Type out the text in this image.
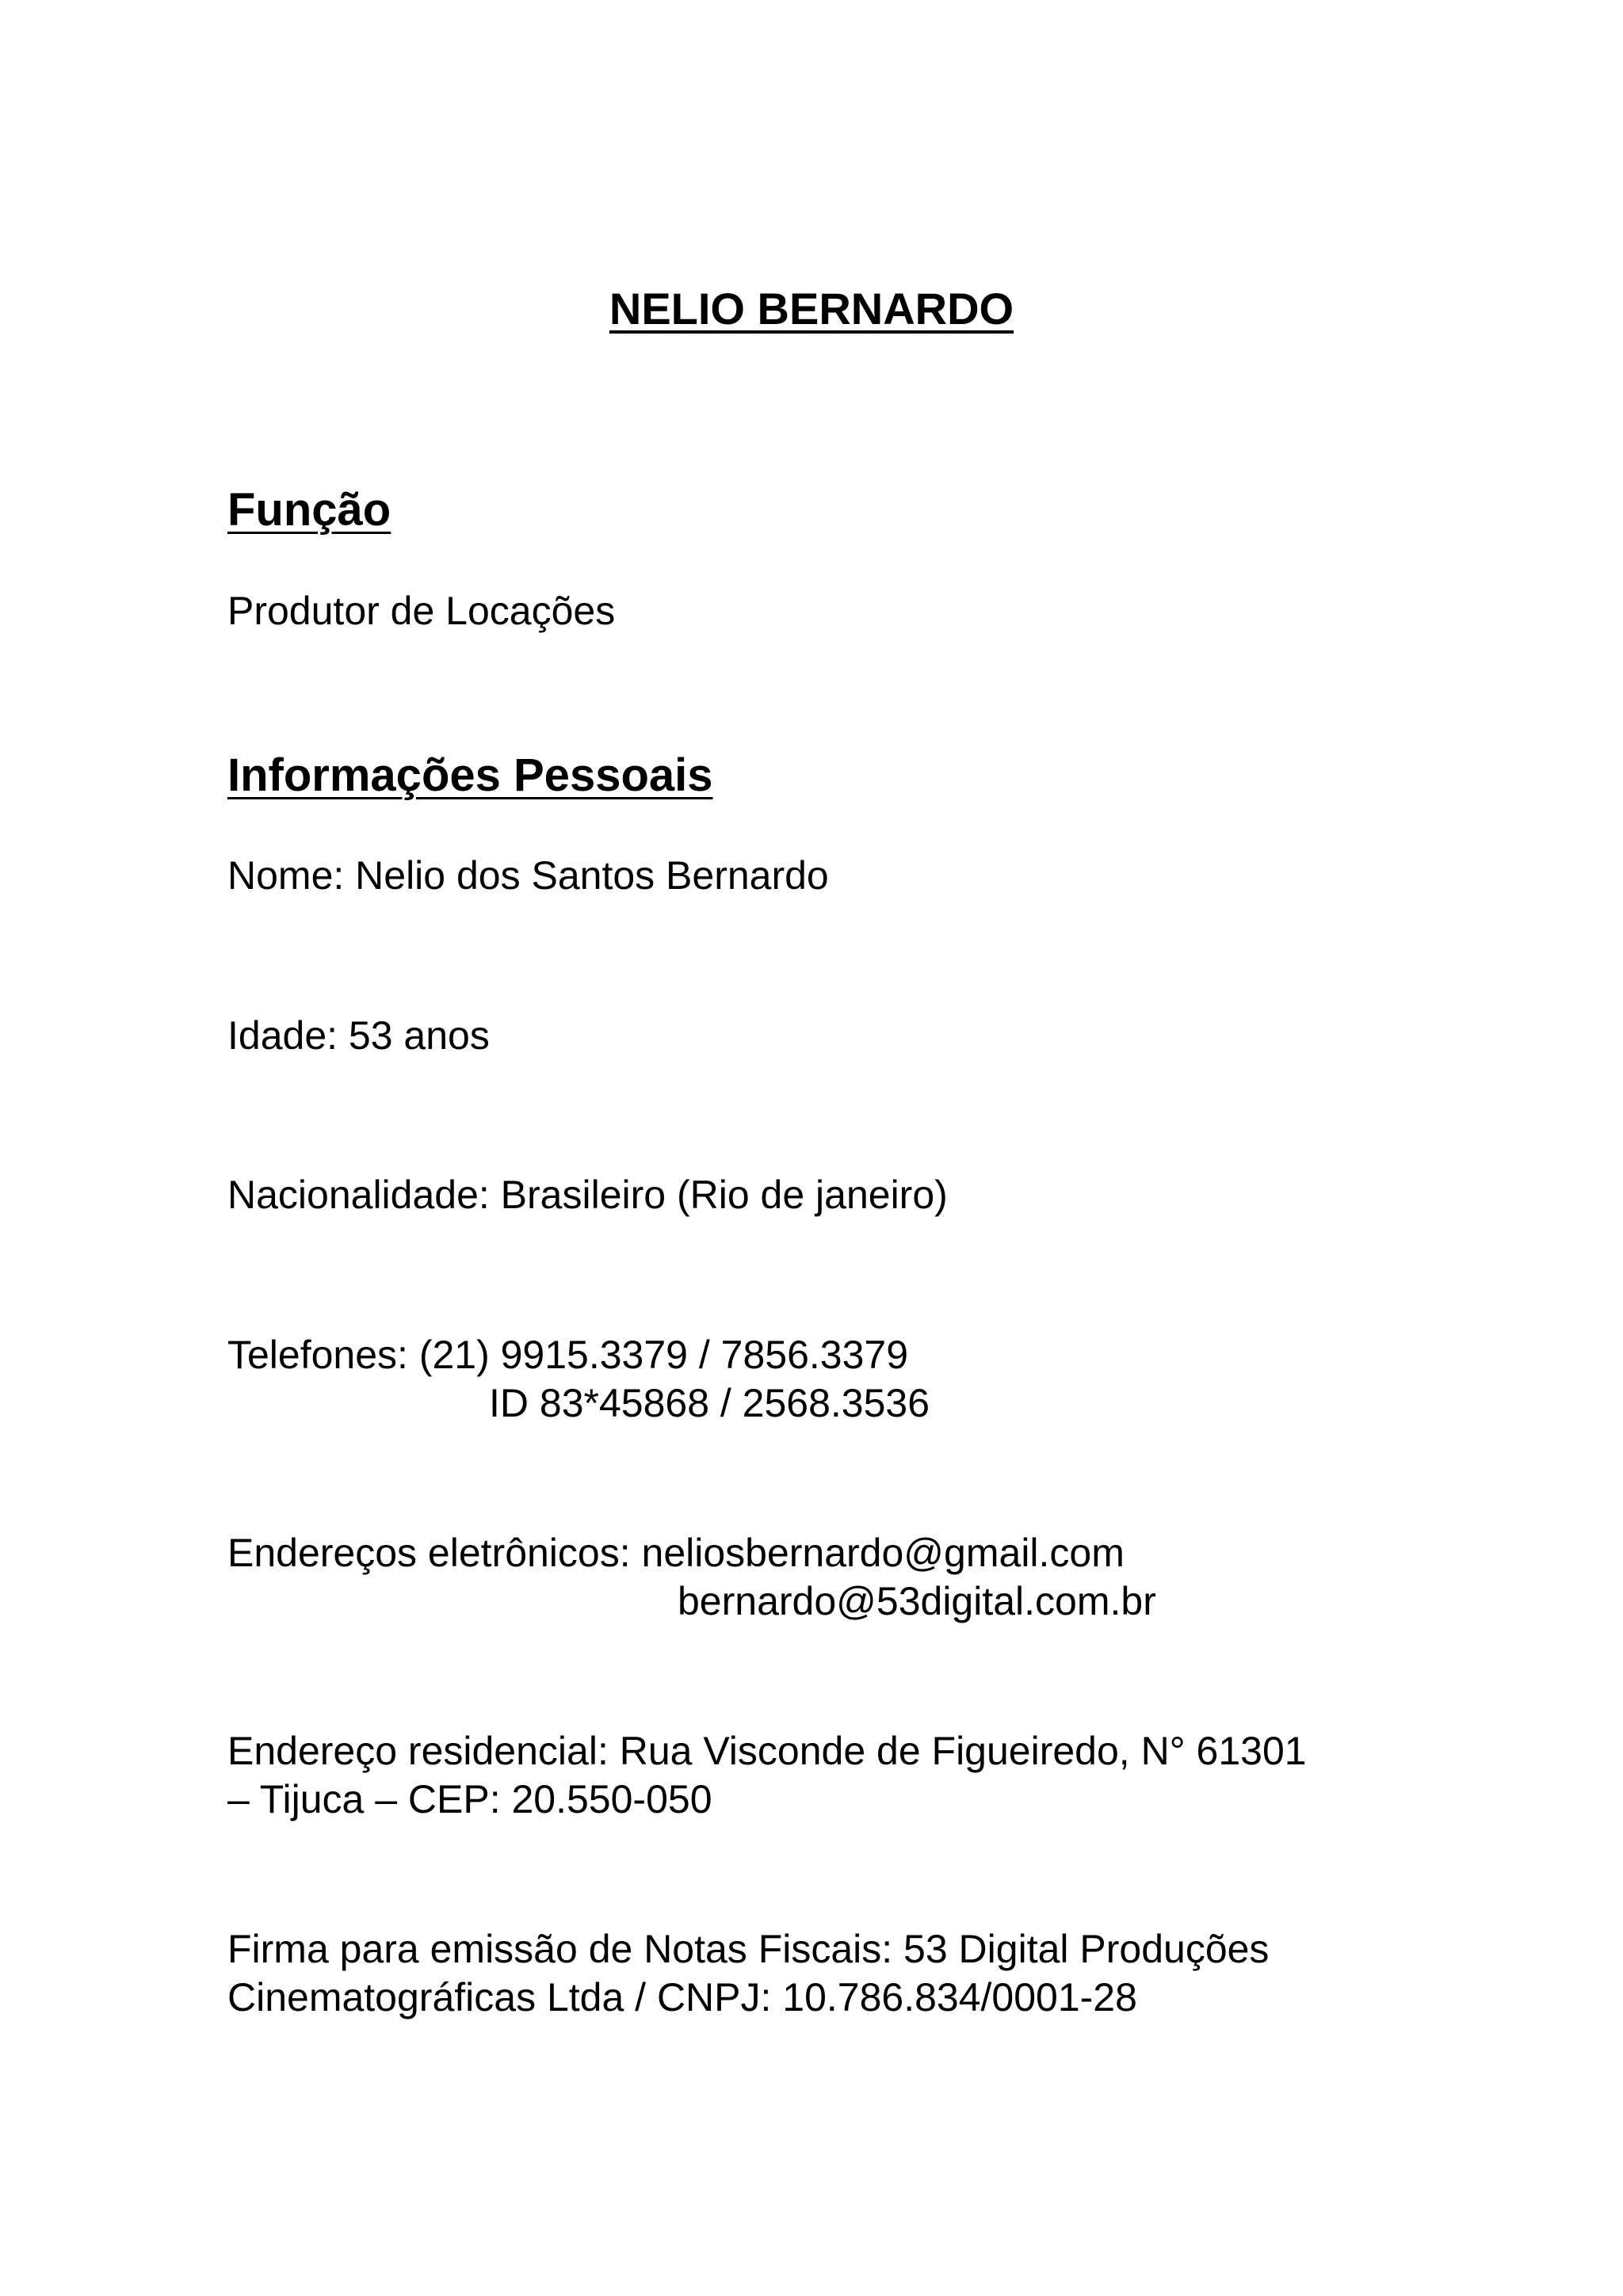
NELIO BERNARDO
Função

Produtor de Locações

Informações Pessoais

Nome: Nelio dos Santos Bernardo

Idade: 53 anos

Nacionalidade: Brasileiro (Rio de janeiro)

Telefones: (21) 9915.3379 / 7856.3379

ID 83*45868 / 2568.3536

Endereços eletrônicos: neliosbernardo@gmail.com

bernardo@53digital.com.br

Endereço residencial: Rua Visconde de Figueiredo, N° 61301

– Tijuca – CEP: 20.550-050

Firma para emissão de Notas Fiscais: 53 Digital Produções

Cinematográficas Ltda / CNPJ: 10.786.834/0001-28
